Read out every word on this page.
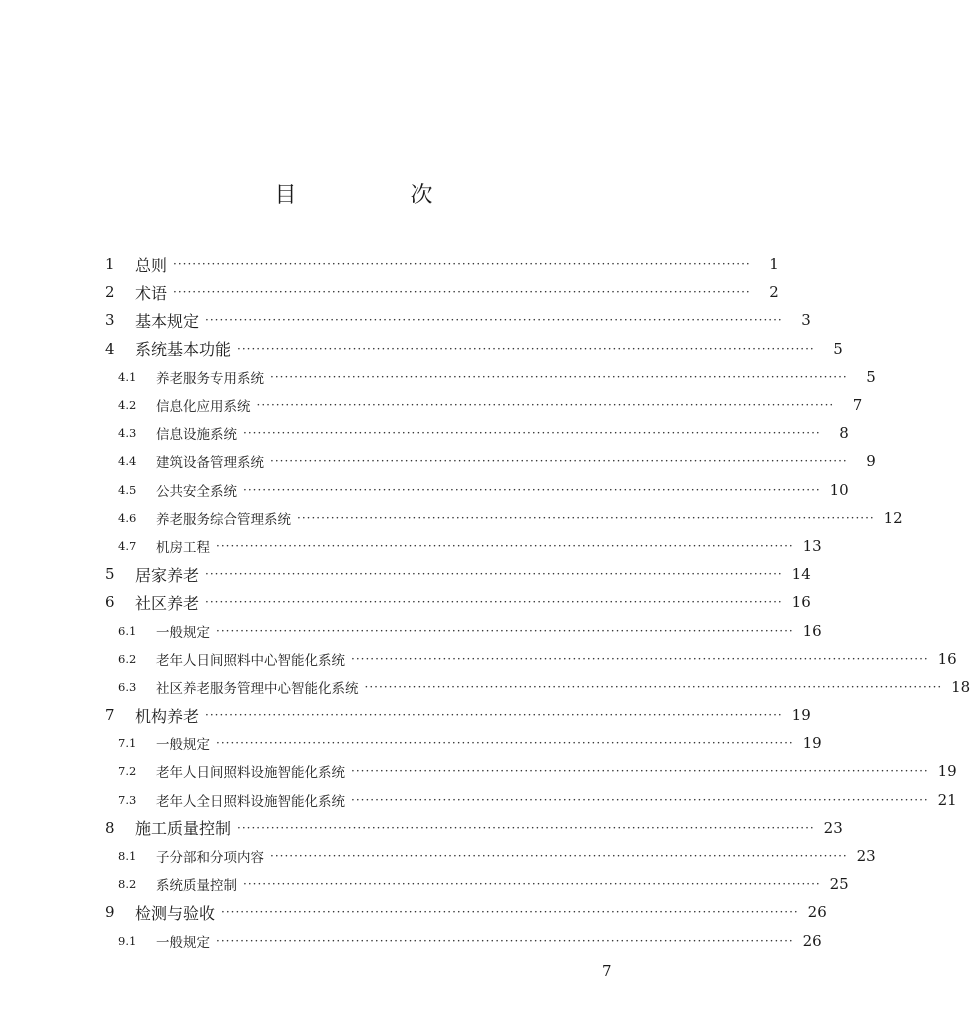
目　次
1	总则 ························································································································	1
2	术语 ························································································································	2
3	基本规定 ························································································································	3
4	系统基本功能 ························································································································	5
4.1	养老服务专用系统 ························································································································	5
4.2	信息化应用系统 ························································································································	7
4.3	信息设施系统 ························································································································	8
4.4	建筑设备管理系统 ························································································································	9
4.5	公共安全系统 ························································································································ 10
4.6	养老服务综合管理系统 ························································································································ 12
4.7	机房工程 ························································································································ 13
5	居家养老 ························································································································ 14
6	社区养老 ························································································································ 16
6.1	一般规定 ························································································································ 16
6.2	老年人日间照料中心智能化系统 ························································································································ 16
6.3	社区养老服务管理中心智能化系统 ························································································································ 18
7	机构养老 ························································································································ 19
7.1	一般规定 ························································································································ 19
7.2	老年人日间照料设施智能化系统 ························································································································ 19
7.3	老年人全日照料设施智能化系统 ························································································································ 21
8	施工质量控制 ························································································································ 23
8.1	子分部和分项内容 ························································································································ 23
8.2	系统质量控制 ························································································································ 25
9	检测与验收 ························································································································ 26
9.1	一般规定 ························································································································ 26
7
